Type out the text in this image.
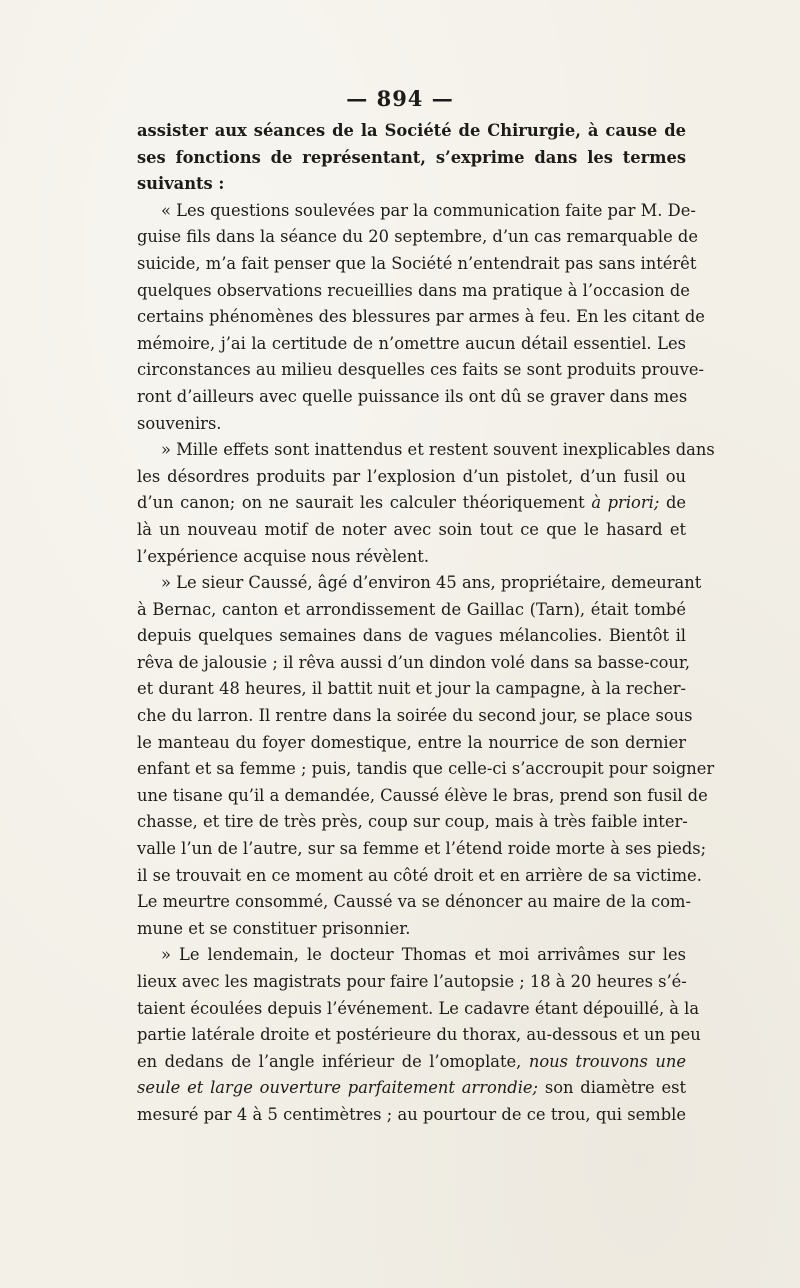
— 894 —

assister aux séances de la Société de Chirurgie, à cause de
ses fonctions de représentant, s’exprime dans les termes
suivants :

« Les questions soulevées par la communication faite par M. De-
guise fils dans la séance du 20 septembre, d’un cas remarquable de
suicide, m’a fait penser que la Société n’entendrait pas sans intérêt
quelques observations recueillies dans ma pratique à l’occasion de
certains phénomènes des blessures par armes à feu. En les citant de
mémoire, j’ai la certitude de n’omettre aucun détail essentiel. Les
circonstances au milieu desquelles ces faits se sont produits prouve-
ront d’ailleurs avec quelle puissance ils ont dû se graver dans mes
souvenirs.

» Mille effets sont inattendus et restent souvent inexplicables dans
les désordres produits par l’explosion d’un pistolet, d’un fusil ou
d’un canon; on ne saurait les calculer théoriquement à priori; de
là un nouveau motif de noter avec soin tout ce que le hasard et
l’expérience acquise nous révèlent.

» Le sieur Caussé, âgé d’environ 45 ans, propriétaire, demeurant
à Bernac, canton et arrondissement de Gaillac (Tarn), était tombé
depuis quelques semaines dans de vagues mélancolies. Bientôt il
rêva de jalousie ; il rêva aussi d’un dindon volé dans sa basse-cour,
et durant 48 heures, il battit nuit et jour la campagne, à la recher-
che du larron. Il rentre dans la soirée du second jour, se place sous
le manteau du foyer domestique, entre la nourrice de son dernier
enfant et sa femme ; puis, tandis que celle-ci s’accroupit pour soigner
une tisane qu’il a demandée, Caussé élève le bras, prend son fusil de
chasse, et tire de très près, coup sur coup, mais à très faible inter-
valle l’un de l’autre, sur sa femme et l’étend roide morte à ses pieds;
il se trouvait en ce moment au côté droit et en arrière de sa victime.
Le meurtre consommé, Caussé va se dénoncer au maire de la com-
mune et se constituer prisonnier.

» Le lendemain, le docteur Thomas et moi arrivâmes sur les
lieux avec les magistrats pour faire l’autopsie ; 18 à 20 heures s’é-
taient écoulées depuis l’événement. Le cadavre étant dépouillé, à la
partie latérale droite et postérieure du thorax, au-dessous et un peu
en dedans de l’angle inférieur de l’omoplate, nous trouvons une
seule et large ouverture parfaitement arrondie; son diamètre est
mesuré par 4 à 5 centimètres ; au pourtour de ce trou, qui semble
